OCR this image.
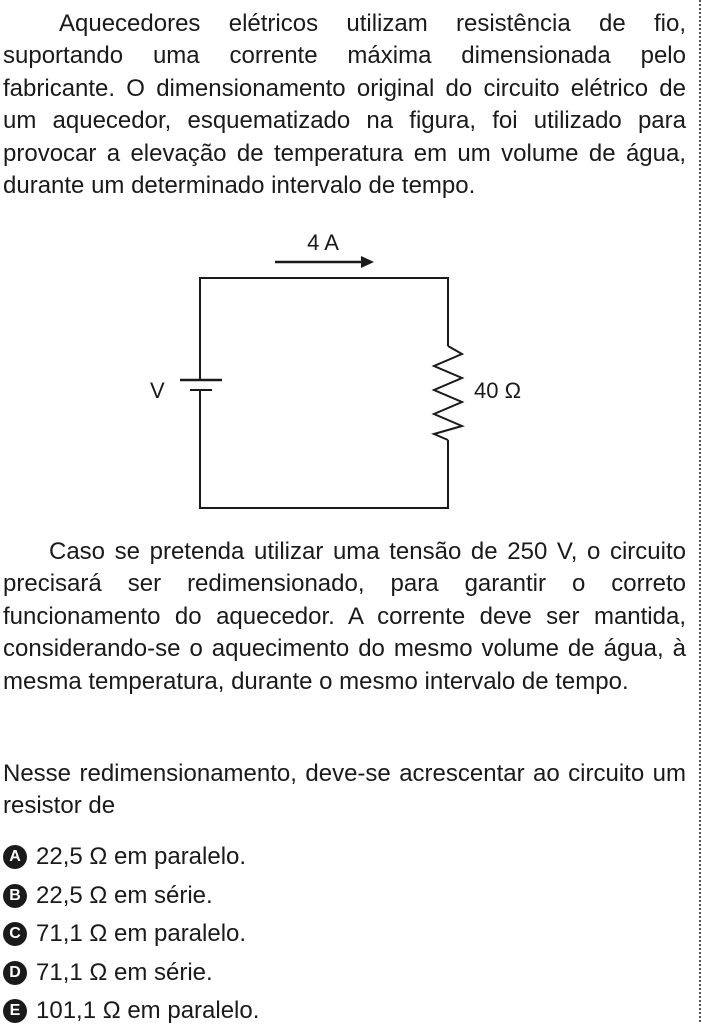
Aquecedores elétricos utilizam resistência de fio, suportando uma corrente máxima dimensionada pelo fabricante. O dimensionamento original do circuito elétrico de um aquecedor, esquematizado na figura, foi utilizado para provocar a elevação de temperatura em um volume de água, durante um determinado intervalo de tempo.

4 A
V	40 Ω

Caso se pretenda utilizar uma tensão de 250 V, o circuito precisará ser redimensionado, para garantir o correto funcionamento do aquecedor. A corrente deve ser mantida, considerando-se o aquecimento do mesmo volume de água, à mesma temperatura, durante o mesmo intervalo de tempo.

Nesse redimensionamento, deve-se acrescentar ao circuito um resistor de

A 22,5 Ω em paralelo.
B 22,5 Ω em série.
C 71,1 Ω em paralelo.
D 71,1 Ω em série.
E 101,1 Ω em paralelo.
